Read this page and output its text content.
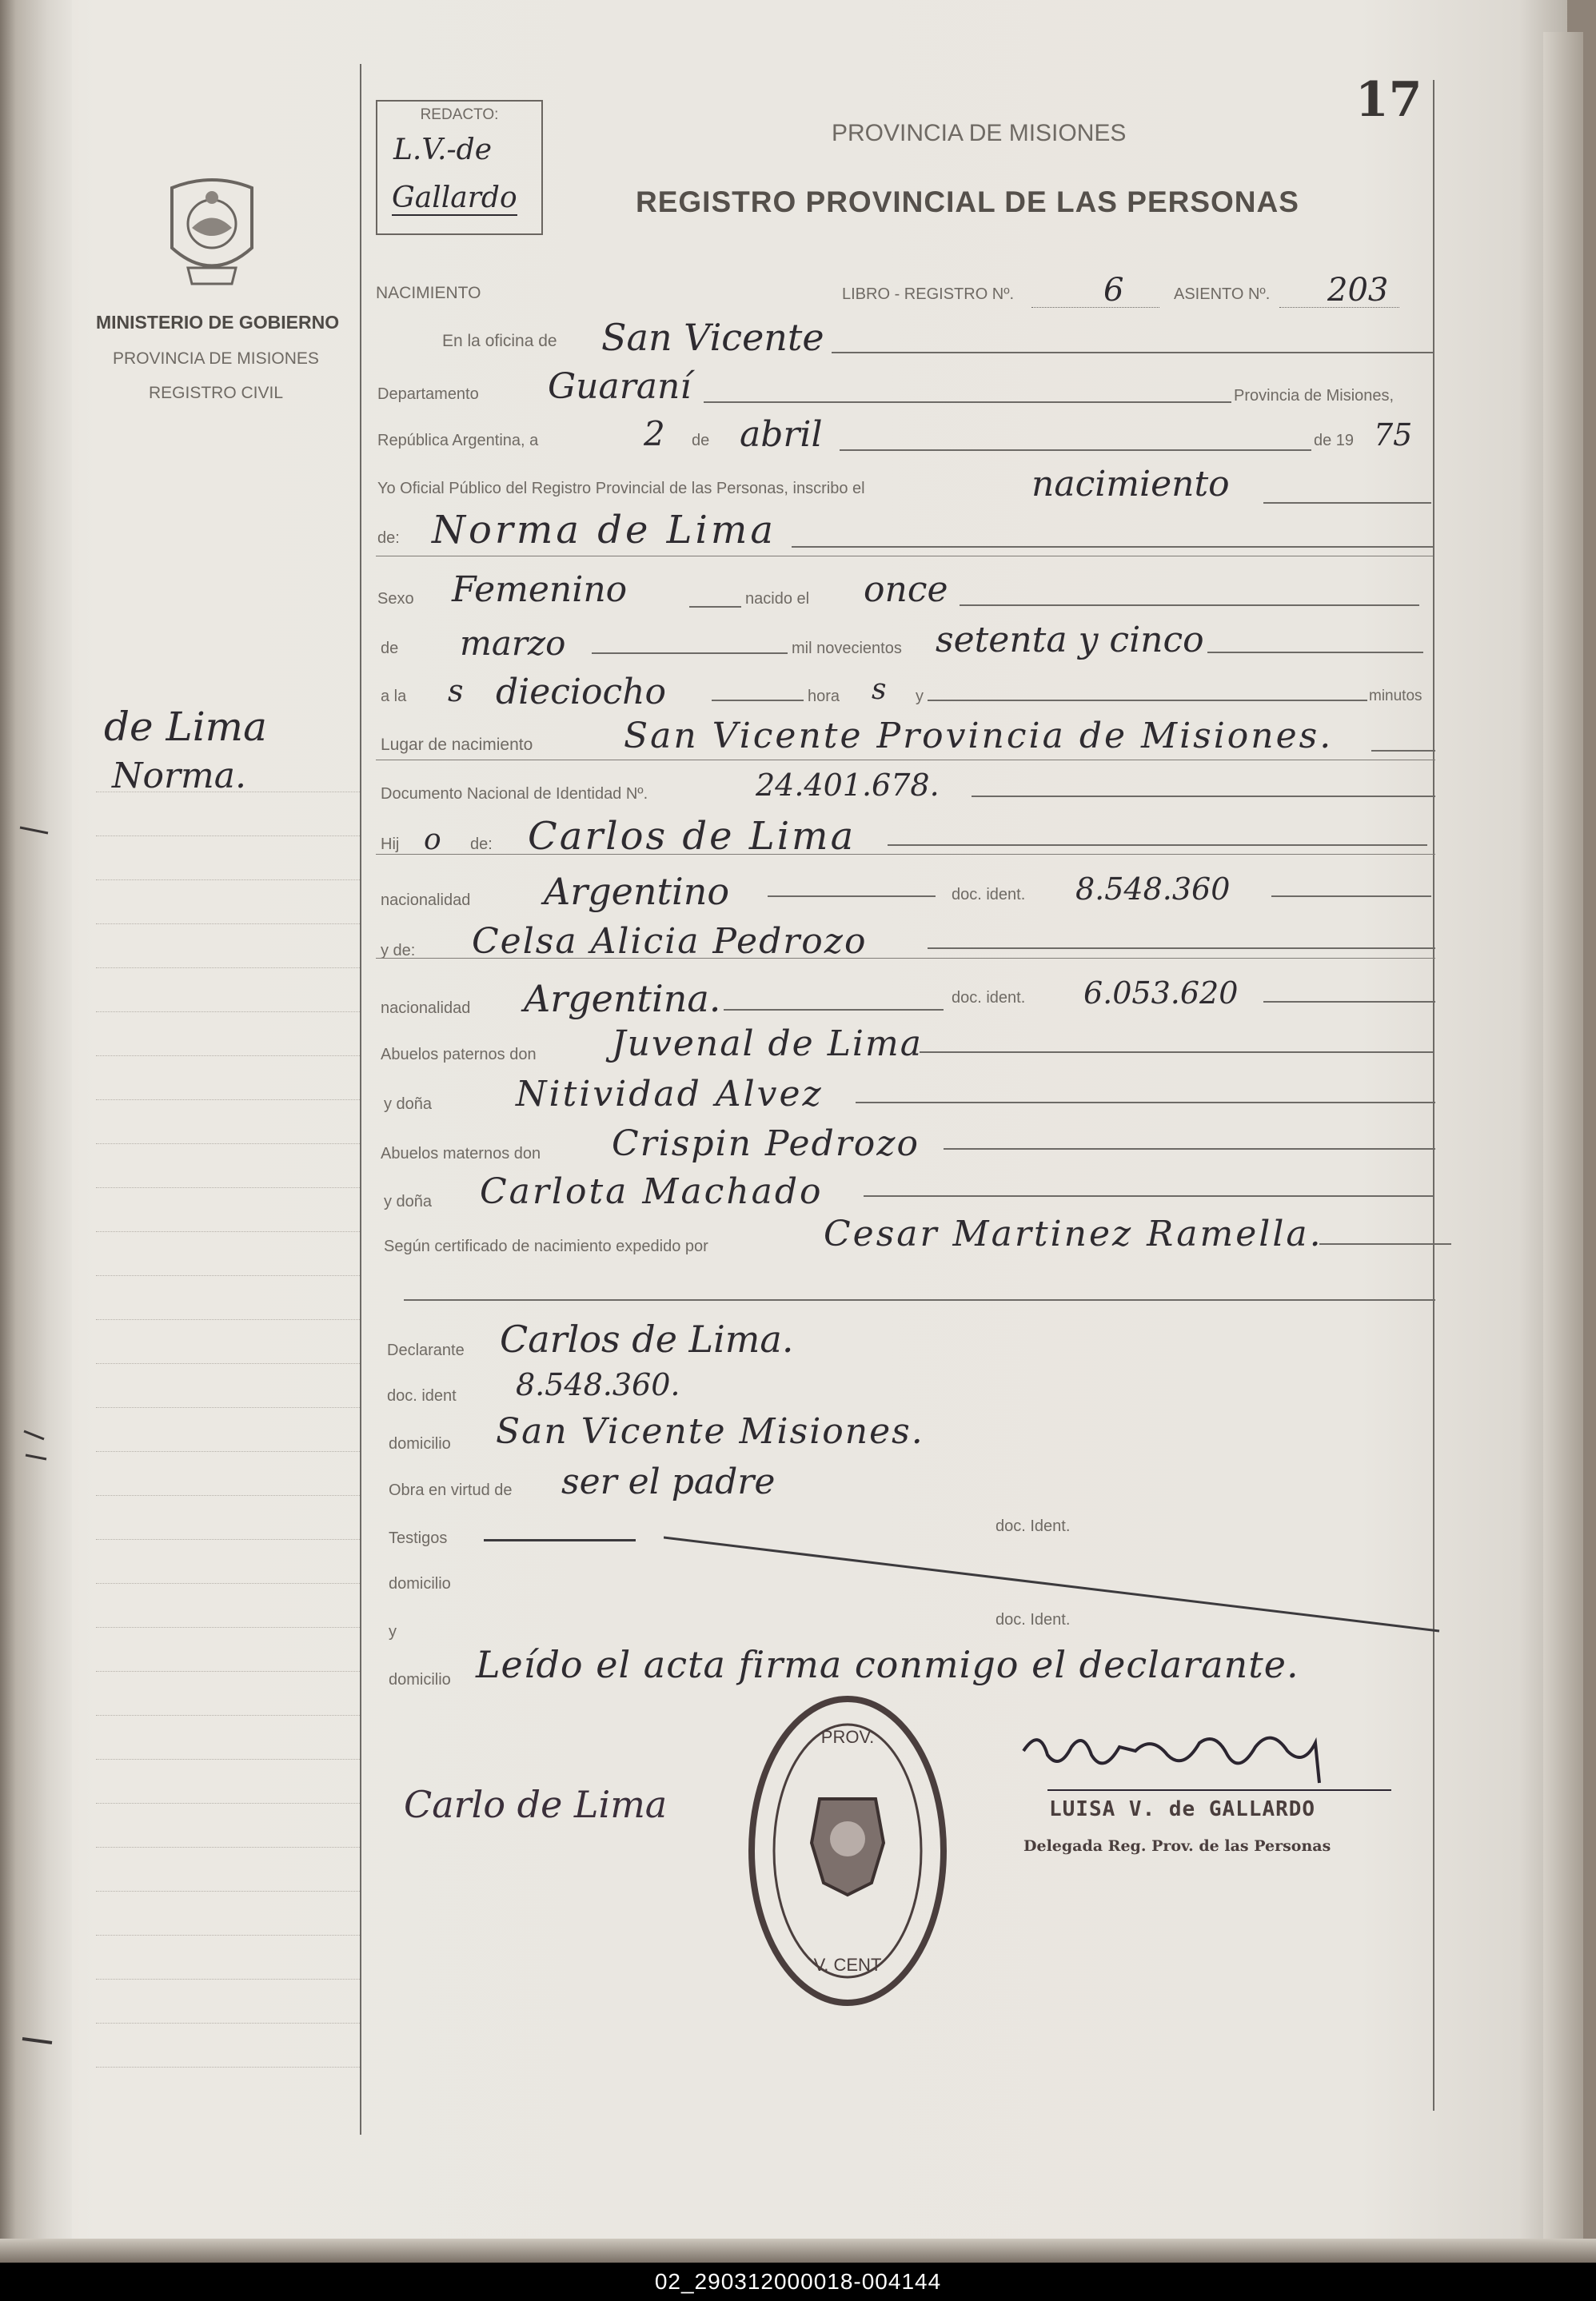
MINISTERIO DE GOBIERNO
PROVINCIA DE MISIONES
REGISTRO CIVIL
de Lima
Norma.
REDACTO:
L.V.-de
Gallardo
17
PROVINCIA DE MISIONES
REGISTRO PROVINCIAL DE LAS PERSONAS
NACIMIENTO	LIBRO - REGISTRO Nº.	6	ASIENTO Nº. 203
En la oficina de San Vicente
Departamento Guaraní	Provincia de Misiones,
República Argentina, a	2 de abril	de 19 75
Yo Oficial Público del Registro Provincial de las Personas, inscribo el	nacimiento
de: Norma de Lima
Sexo Femenino	nacido el once
de marzo	mil novecientos setenta y cinco
a la s dieciocho	hora s y	minutos
Lugar de nacimiento	San Vicente Provincia de Misiones.
Documento Nacional de Identidad Nº.	24.401.678.
Hij o de: Carlos de Lima
nacionalidad Argentino	doc. ident. 8.548.360
y de: Celsa Alicia Pedrozo
nacionalidad Argentina.	doc. ident. 6.053.620
Abuelos paternos don Juvenal de Lima
y doña Nitividad Alvez
Abuelos maternos don Crispin Pedrozo
y doña Carlota Machado
Según certificado de nacimiento expedido por	Cesar Martinez Ramella.
Declarante Carlos de Lima.
doc. ident 8.548.360.
domicilio San Vicente Misiones.
Obra en virtud de ser el padre
Testigos
doc. Ident.
domicilio
y
doc. Ident.
domicilio Leído el acta firma conmigo el declarante.
Carlo de Lima
PROV.
V. CENT
LUISA V. de GALLARDO
Delegada Reg. Prov. de las Personas
02_290312000018-004144
